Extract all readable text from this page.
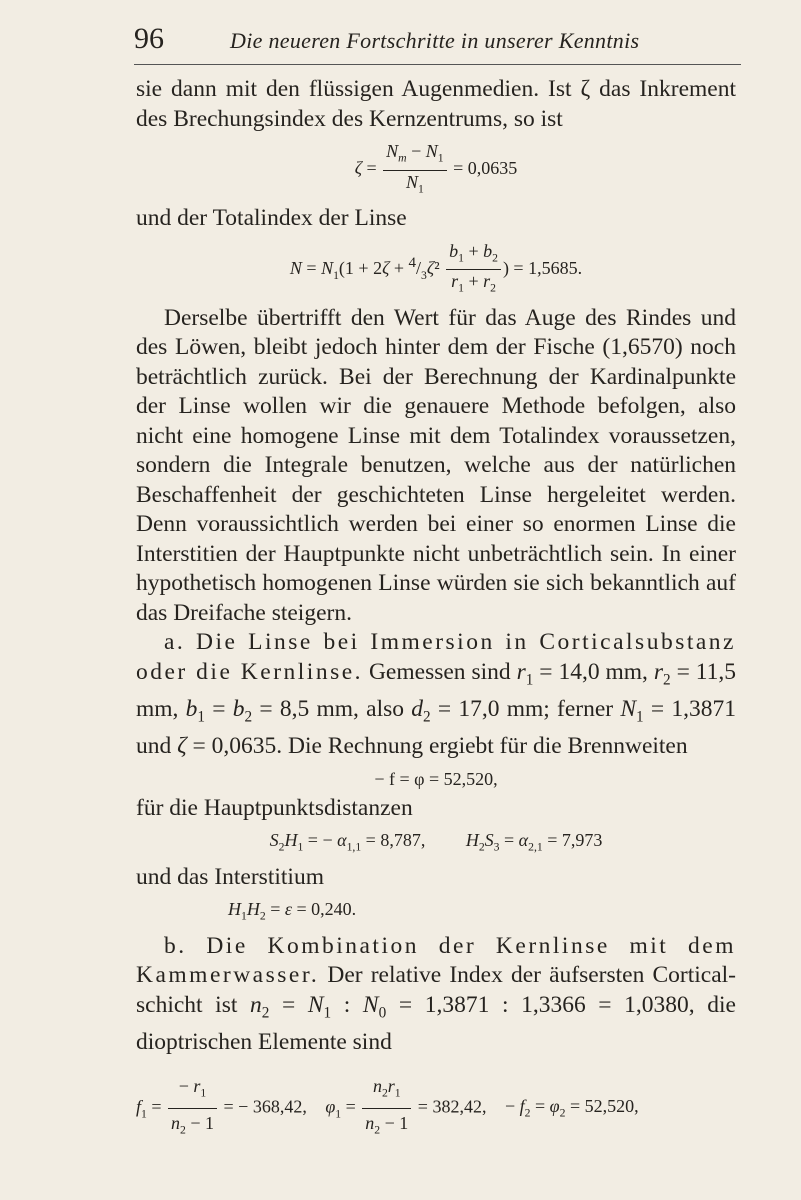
96	Die neueren Fortschritte in unserer Kenntnis

sie dann mit den flüssigen Augenmedien. Ist ζ das Inkrement des Brechungsindex des Kernzentrums, so ist

$\zeta = \frac{N_m - N_1}{N_1} = 0,0635$

und der Totalindex der Linse

$N = N_1(1 + 2\zeta + ^4/_3\zeta^2 \frac{b_1 + b_2}{r_1 + r_2}$ ) = 1,5685.

Derselbe übertrifft den Wert für das Auge des Rindes und des Löwen, bleibt jedoch hinter dem der Fische (1,6570) noch beträchtlich zurück. Bei der Berechnung der Kardinalpunkte der Linse wollen wir die genauere Methode befolgen, also nicht eine homogene Linse mit dem Totalindex voraussetzen, sondern die Integrale benutzen, welche aus der natürlichen Beschaffenheit der geschichteten Linse hergeleitet werden. Denn voraussichtlich werden bei einer so enormen Linse die Interstitien der Hauptpunkte nicht unbeträchtlich sein. In einer hypothetisch homogenen Linse würden sie sich bekanntlich auf das Dreifache steigern.

a. Die Linse bei Immersion in Corticalsubstanz oder die Kernlinse. Gemessen sind $r_1 = 14,0$ mm, $r_2 = 11,5$ mm, $b_1 = b_2 = 8,5$ mm, also $d_2 = 17,0$ mm; ferner $N_1 = 1,3871$ und ζ = 0,0635. Die Rechnung ergiebt für die Brennweiten

− f = φ = 52,520,

für die Hauptpunktsdistanzen

$S_2H_1$ = − $\alpha_{1,1} = 8,787$,         $H_2S_3 = \alpha_{2,1} = 7,973$

und das Interstitium

$H_1H_2 = \varepsilon = 0,240$.

b. Die Kombination der Kernlinse mit dem Kammerwasser. Der relative Index der äufsersten Cortical-schicht ist $n_2 = N_1$ : $N_0 = 1,3871$ : 1,3366 = 1,0380, die dioptrischen Elemente sind

$f_1 = \frac{- r_1}{n_2 - 1}$ = − 368,42, $\varphi_1 = \frac{n_2r_1}{n_2 - 1} = 382,42$, − $f_2 = \varphi_2 = 52,520$,
